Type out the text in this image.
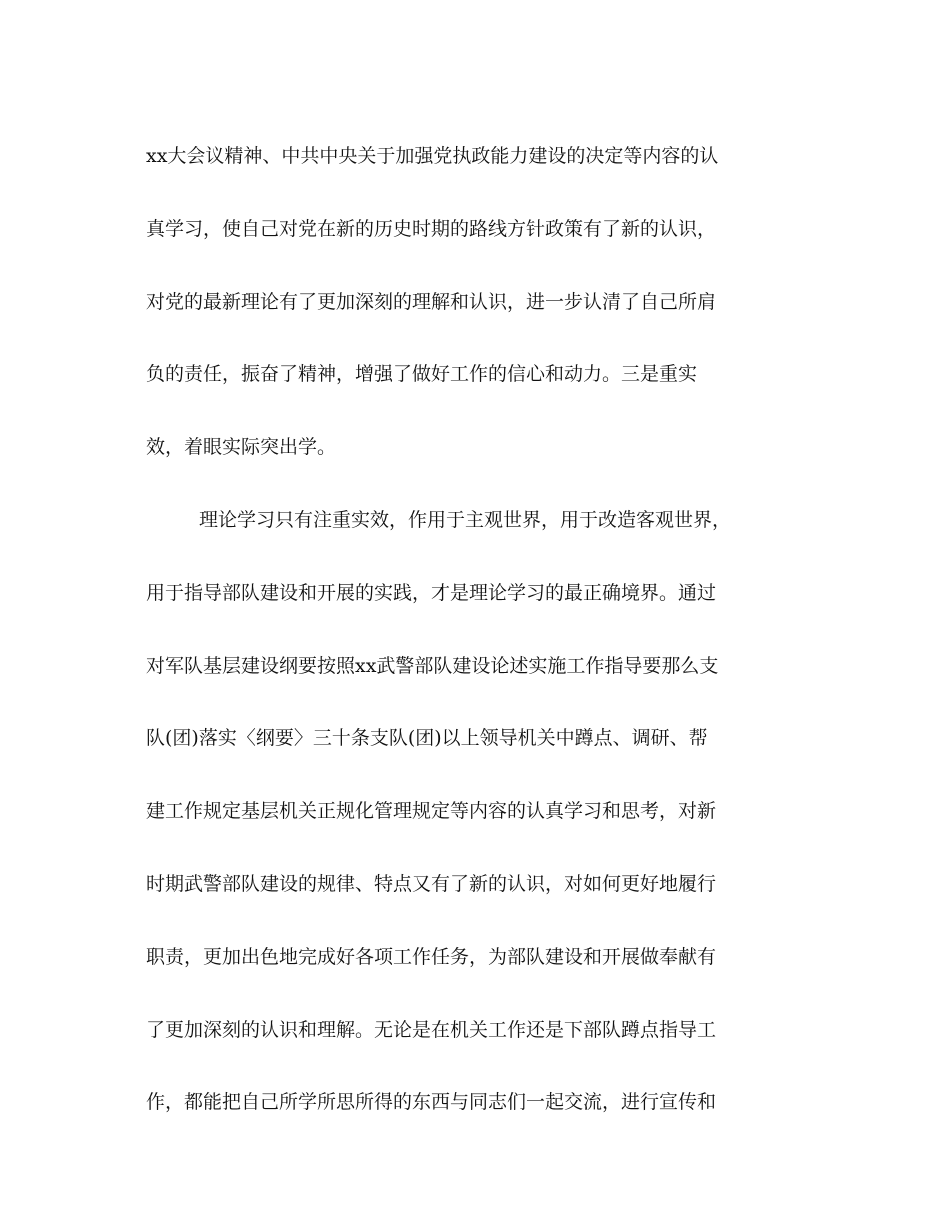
xx大会议精神、中共中央关于加强党执政能力建设的决定等内容的认
真学习，使自己对党在新的历史时期的路线方针政策有了新的认识，
对党的最新理论有了更加深刻的理解和认识，进一步认清了自己所肩
负的责任，振奋了精神，增强了做好工作的信心和动力。三是重实
效，着眼实际突出学。
理论学习只有注重实效，作用于主观世界，用于改造客观世界，
用于指导部队建设和开展的实践，才是理论学习的最正确境界。通过
对军队基层建设纲要按照xx武警部队建设论述实施工作指导要那么支
队(团)落实〈纲要〉三十条支队(团)以上领导机关中蹲点、调研、帮
建工作规定基层机关正规化管理规定等内容的认真学习和思考，对新
时期武警部队建设的规律、特点又有了新的认识，对如何更好地履行
职责，更加出色地完成好各项工作任务，为部队建设和开展做奉献有
了更加深刻的认识和理解。无论是在机关工作还是下部队蹲点指导工
作，都能把自己所学所思所得的东西与同志们一起交流，进行宣传和
